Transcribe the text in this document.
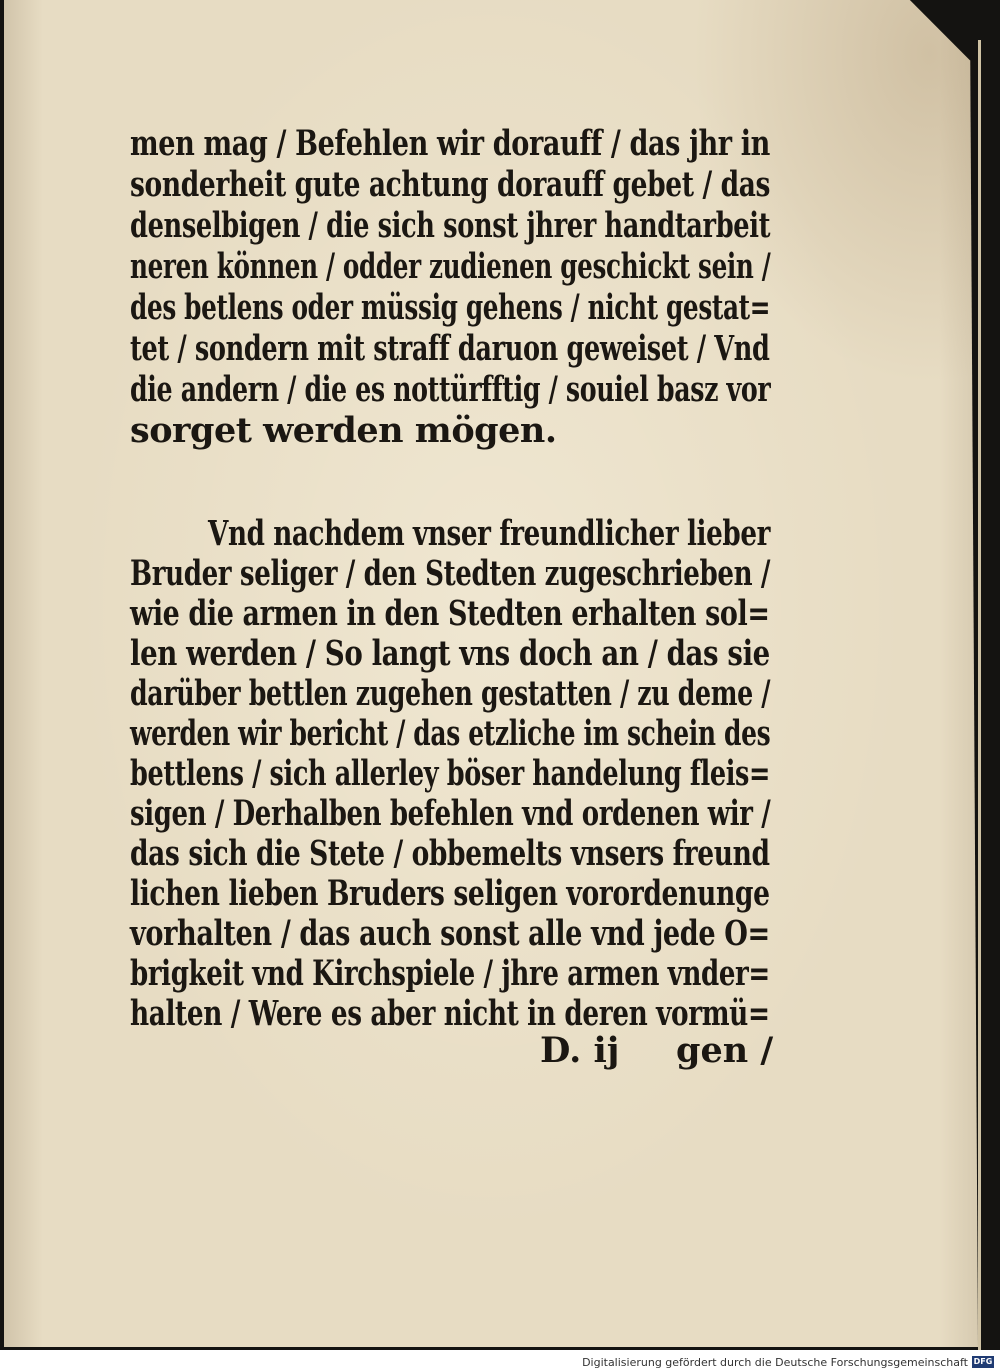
men mag / Befehlen wir dorauff / das jhr in
sonderheit gute achtung dorauff gebet / das
denselbigen / die sich sonst jhrer handtarbeit
neren können / odder zudienen geschickt sein /
des betlens oder müssig gehens / nicht gestat=
tet / sondern mit straff daruon geweiset / Vnd
die andern / die es nottürfftig / souiel basz vor
sorget werden mögen.
Vnd nachdem vnser freundlicher lieber
Bruder seliger / den Stedten zugeschrieben /
wie die armen in den Stedten erhalten sol=
len werden / So langt vns doch an / das sie
darüber bettlen zugehen gestatten / zu deme /
werden wir bericht / das etzliche im schein des
bettlens / sich allerley böser handelung fleis=
sigen / Derhalben befehlen vnd ordenen wir /
das sich die Stete / obbemelts vnsers freund
lichen lieben Bruders seligen vorordenunge
vorhalten / das auch sonst alle vnd jede O=
brigkeit vnd Kirchspiele / jhre armen vnder=
halten / Were es aber nicht in deren vormü=
D. ij gen /
Digitalisierung gefördert durch die Deutsche Forschungsgemeinschaft DFG
